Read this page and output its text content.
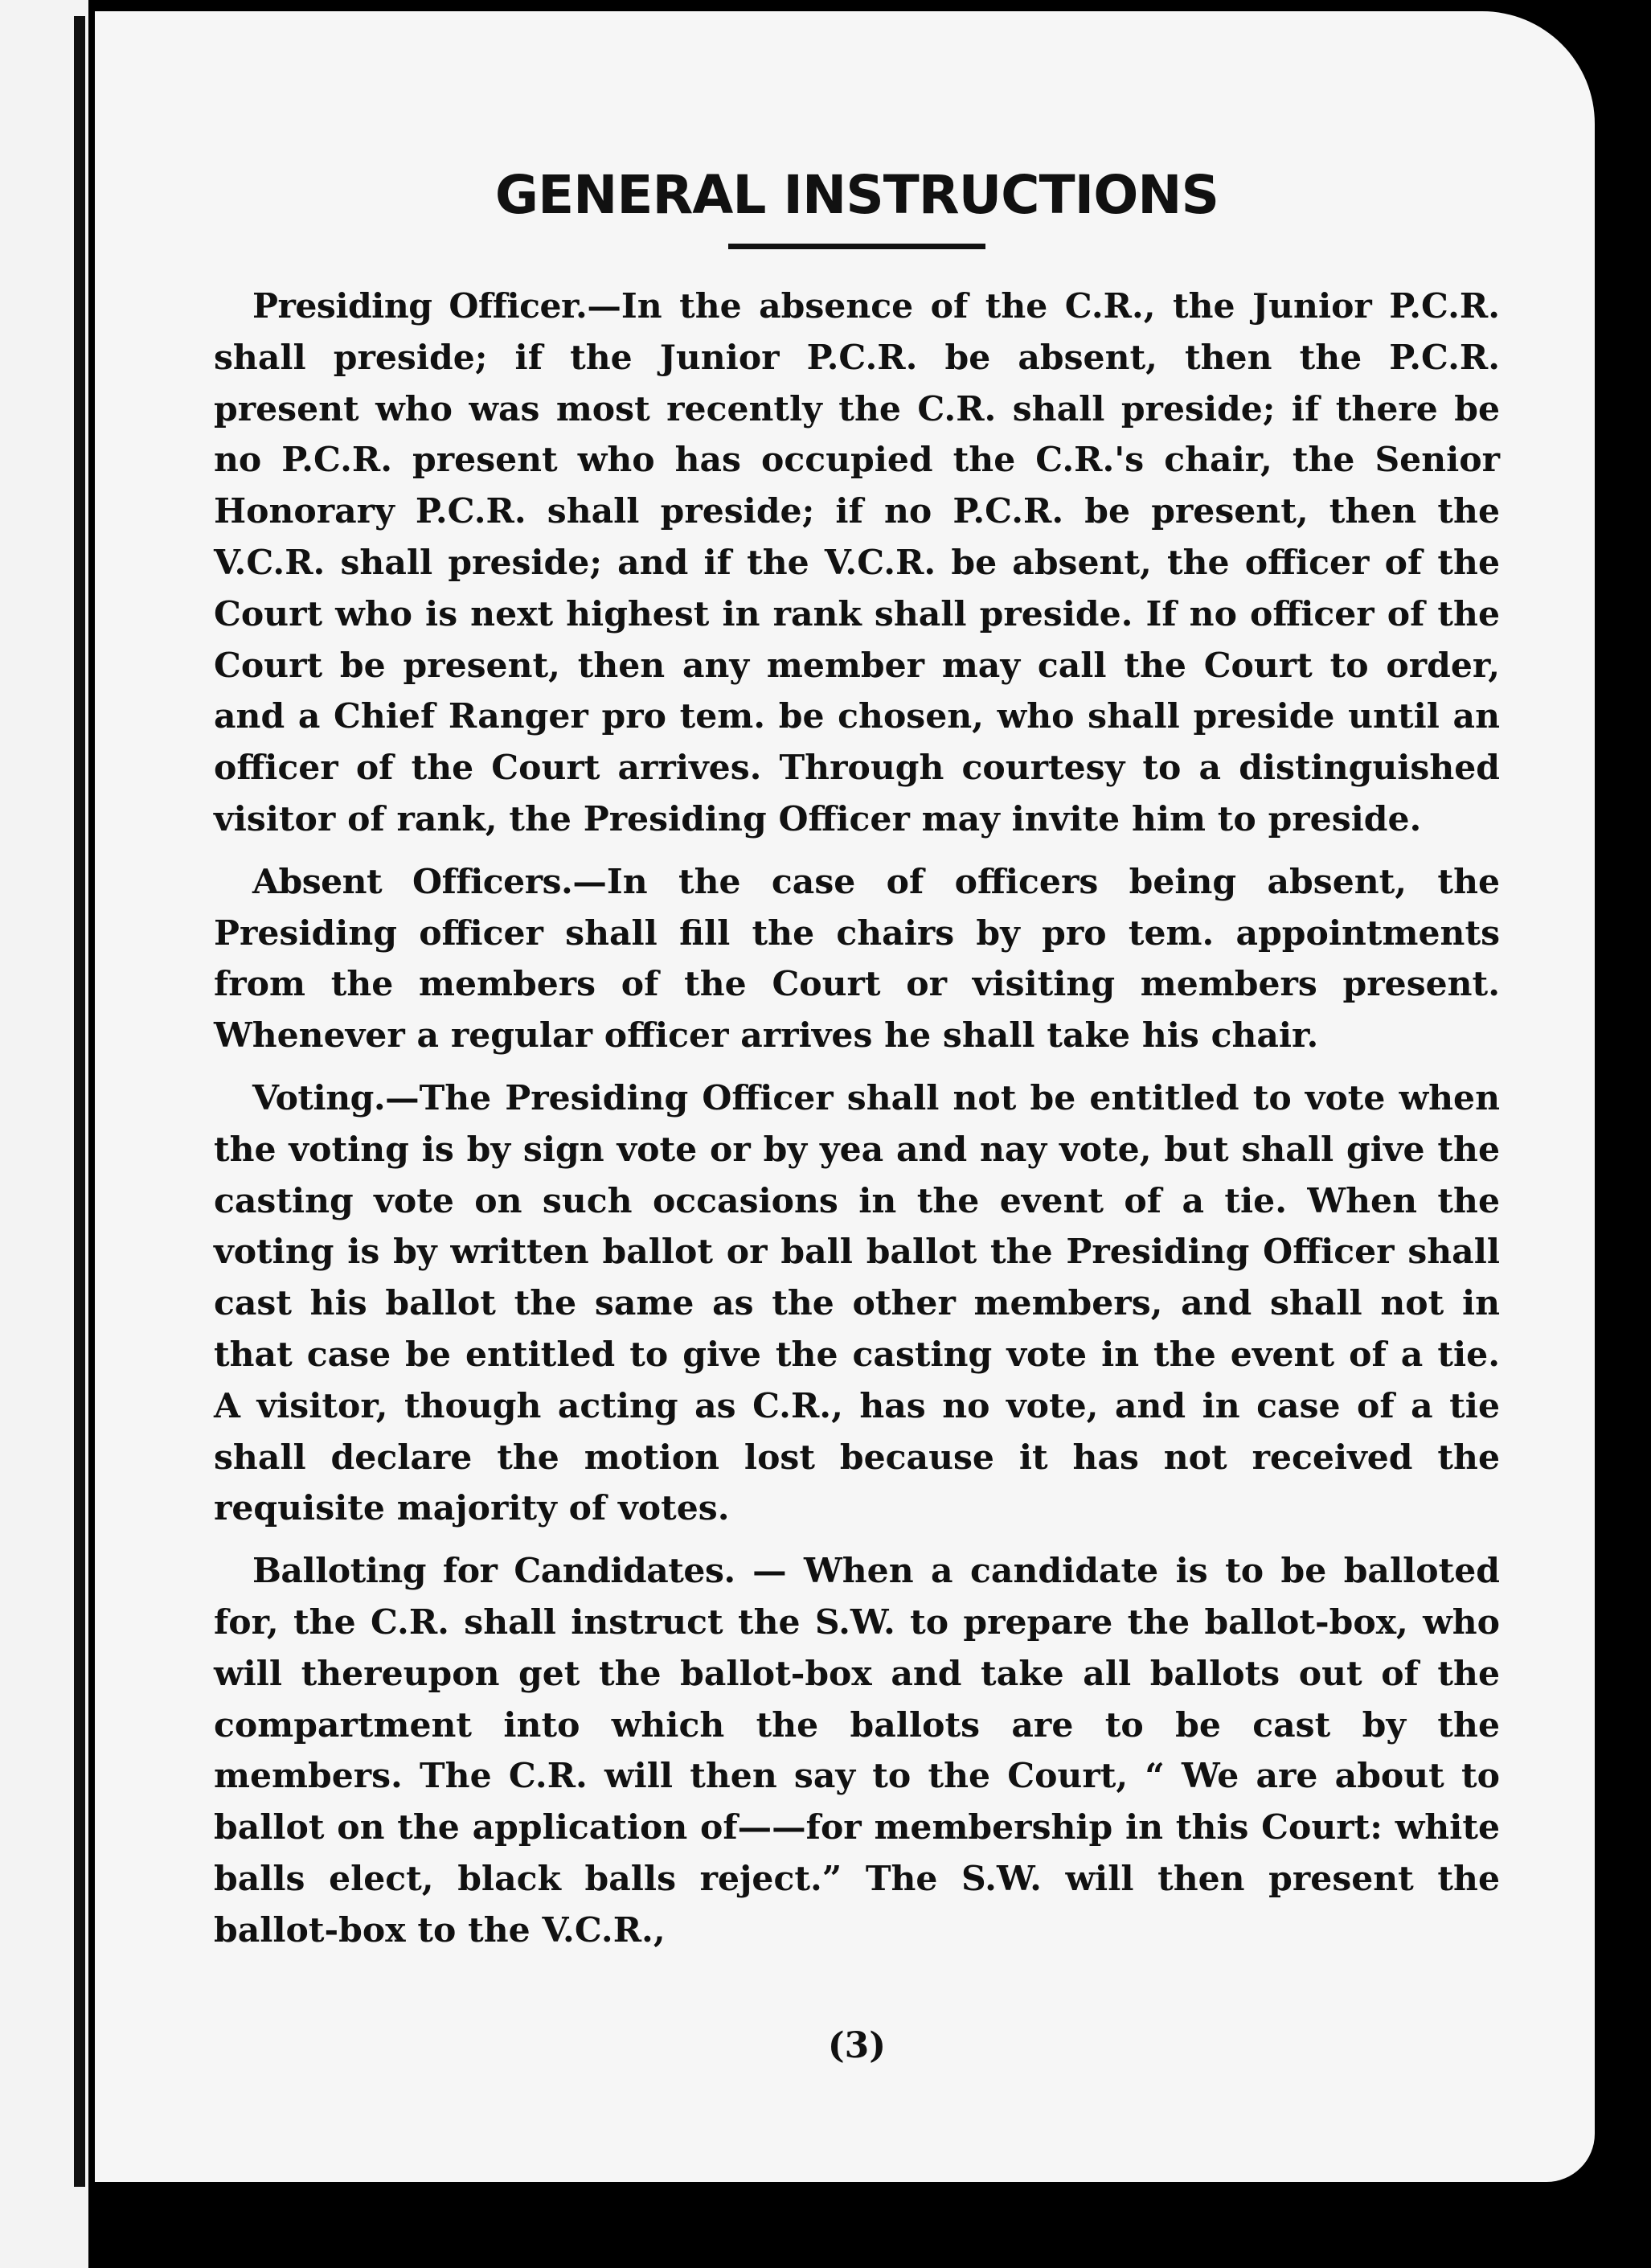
GENERAL INSTRUCTIONS

Presiding Officer.—In the absence of the C.R., the Junior P.C.R. shall preside; if the Junior P.C.R. be absent, then the P.C.R. present who was most recently the C.R. shall preside; if there be no P.C.R. present who has occupied the C.R.'s chair, the Senior Honorary P.C.R. shall preside; if no P.C.R. be present, then the V.C.R. shall preside; and if the V.C.R. be absent, the officer of the Court who is next highest in rank shall preside. If no officer of the Court be present, then any member may call the Court to order, and a Chief Ranger pro tem. be chosen, who shall preside until an officer of the Court arrives. Through courtesy to a distinguished visitor of rank, the Presiding Officer may invite him to preside.

Absent Officers.—In the case of officers being absent, the Presiding officer shall fill the chairs by pro tem. appointments from the members of the Court or visiting members present. Whenever a regular officer arrives he shall take his chair.

Voting.—The Presiding Officer shall not be entitled to vote when the voting is by sign vote or by yea and nay vote, but shall give the casting vote on such occasions in the event of a tie. When the voting is by written ballot or ball ballot the Presiding Officer shall cast his ballot the same as the other members, and shall not in that case be entitled to give the casting vote in the event of a tie. A visitor, though acting as C.R., has no vote, and in case of a tie shall declare the motion lost because it has not received the requisite majority of votes.

Balloting for Candidates. — When a candidate is to be balloted for, the C.R. shall instruct the S.W. to prepare the ballot-box, who will thereupon get the ballot-box and take all ballots out of the compartment into which the ballots are to be cast by the members. The C.R. will then say to the Court, “ We are about to ballot on the application of——for membership in this Court: white balls elect, black balls reject.” The S.W. will then present the ballot-box to the V.C.R.,

(3)
